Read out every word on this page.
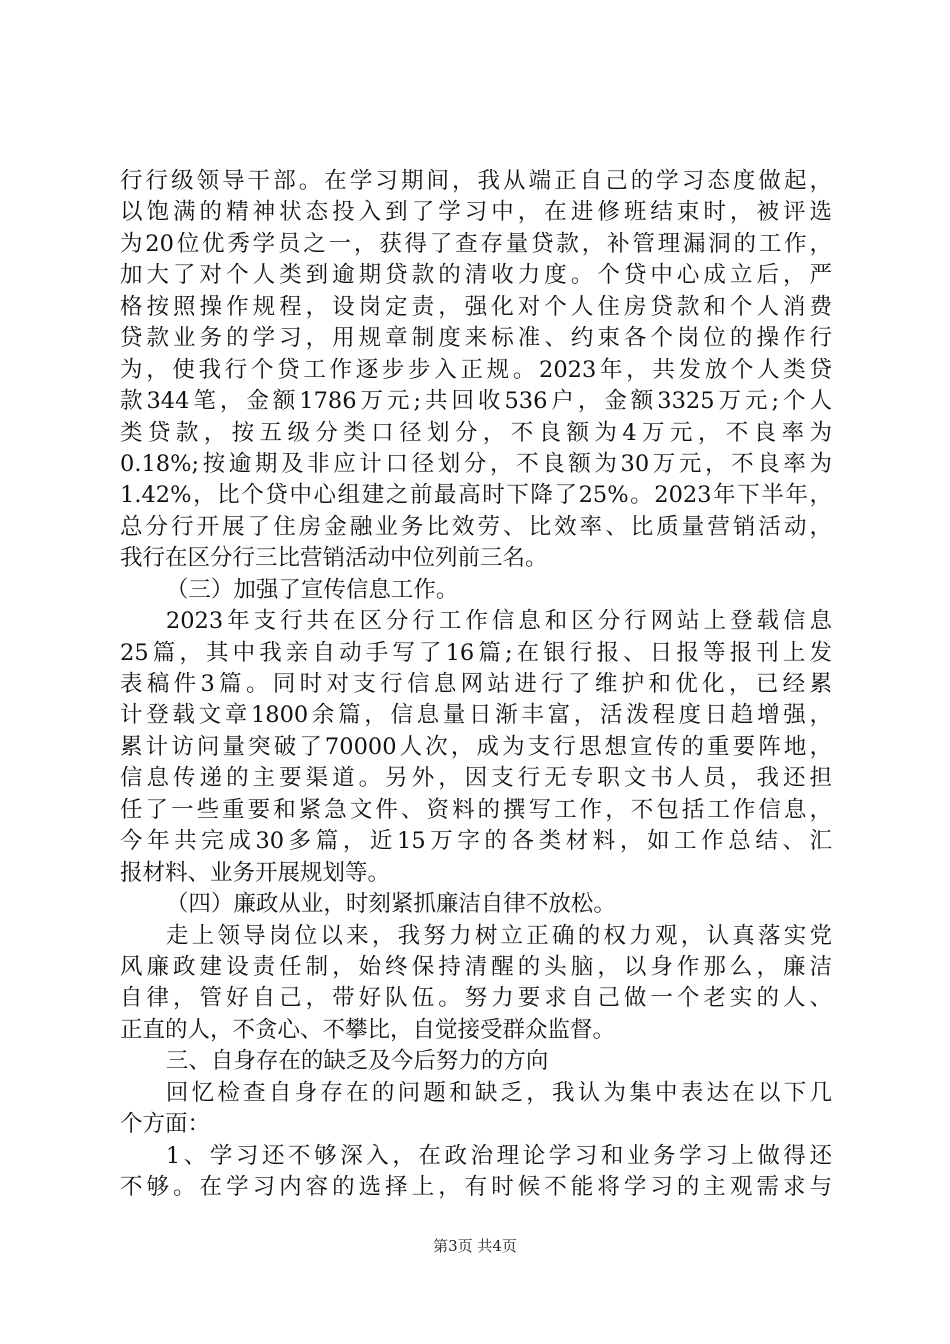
行行级领导干部。在学习期间，我从端正自己的学习态度做起，
以饱满的精神状态投入到了学习中，在进修班结束时，被评选
为20位优秀学员之一，获得了查存量贷款，补管理漏洞的工作，
加大了对个人类到逾期贷款的清收力度。个贷中心成立后，严
格按照操作规程，设岗定责，强化对个人住房贷款和个人消费
贷款业务的学习，用规章制度来标准、约束各个岗位的操作行
为，使我行个贷工作逐步步入正规。2023年，共发放个人类贷
款344笔，金额1786万元;共回收536户，金额3325万元;个人
类贷款，按五级分类口径划分，不良额为4万元，不良率为
0.18%;按逾期及非应计口径划分，不良额为30万元，不良率为
1.42%，比个贷中心组建之前最高时下降了25%。2023年下半年，
总分行开展了住房金融业务比效劳、比效率、比质量营销活动，
我行在区分行三比营销活动中位列前三名。
（三）加强了宣传信息工作。
2023年支行共在区分行工作信息和区分行网站上登载信息
25篇，其中我亲自动手写了16篇;在银行报、日报等报刊上发
表稿件3篇。同时对支行信息网站进行了维护和优化，已经累
计登载文章1800余篇，信息量日渐丰富，活泼程度日趋增强，
累计访问量突破了70000人次，成为支行思想宣传的重要阵地，
信息传递的主要渠道。另外，因支行无专职文书人员，我还担
任了一些重要和紧急文件、资料的撰写工作，不包括工作信息，
今年共完成30多篇，近15万字的各类材料，如工作总结、汇
报材料、业务开展规划等。
（四）廉政从业，时刻紧抓廉洁自律不放松。
走上领导岗位以来，我努力树立正确的权力观，认真落实党
风廉政建设责任制，始终保持清醒的头脑，以身作那么，廉洁
自律，管好自己，带好队伍。努力要求自己做一个老实的人、
正直的人，不贪心、不攀比，自觉接受群众监督。
三、自身存在的缺乏及今后努力的方向
回忆检查自身存在的问题和缺乏，我认为集中表达在以下几
个方面：
1、学习还不够深入，在政治理论学习和业务学习上做得还
不够。在学习内容的选择上，有时候不能将学习的主观需求与
第3页 共4页
